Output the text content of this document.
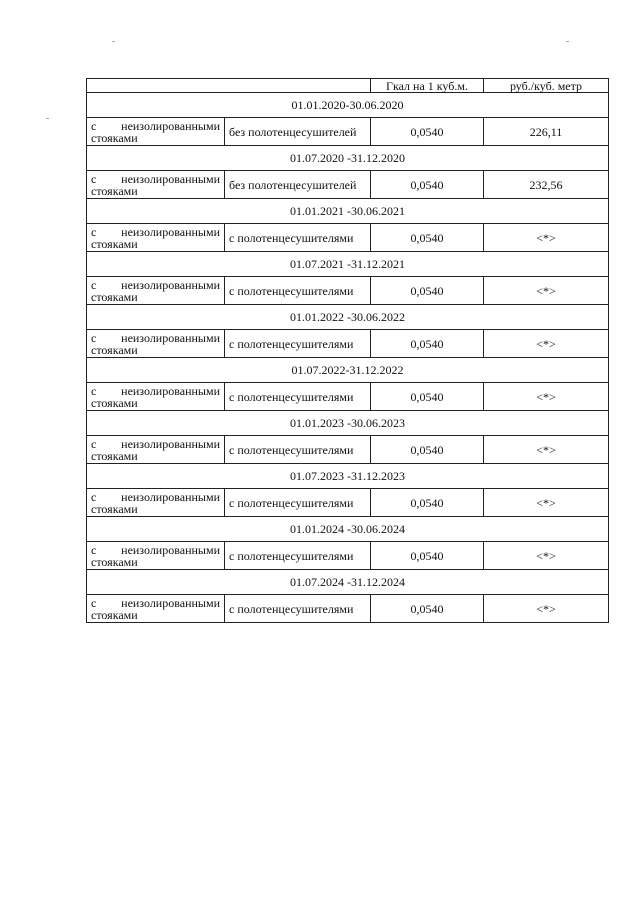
		Гкал на 1 куб.м.	руб./куб. метр
01.01.2020-30.06.2020			

с неизолированными
стояками	без полотенцесушителей	0,0540	226,11
01.07.2020 -31.12.2020			

с неизолированными
стояками	без полотенцесушителей	0,0540	232,56
01.01.2021 -30.06.2021			

с неизолированными
стояками	с полотенцесушителями	0,0540	<*>
01.07.2021 -31.12.2021			

с неизолированными
стояками	с полотенцесушителями	0,0540	<*>
01.01.2022 -30.06.2022			

с неизолированными
стояками	с полотенцесушителями	0,0540	<*>
01.07.2022-31.12.2022			

с неизолированными
стояками	с полотенцесушителями	0,0540	<*>
01.01.2023 -30.06.2023			

с неизолированными
стояками	с полотенцесушителями	0,0540	<*>
01.07.2023 -31.12.2023			

с неизолированными
стояками	с полотенцесушителями	0,0540	<*>
01.01.2024 -30.06.2024			

с неизолированными
стояками	с полотенцесушителями	0,0540	<*>
01.07.2024 -31.12.2024			

с неизолированными
стояками	с полотенцесушителями	0,0540	<*>
